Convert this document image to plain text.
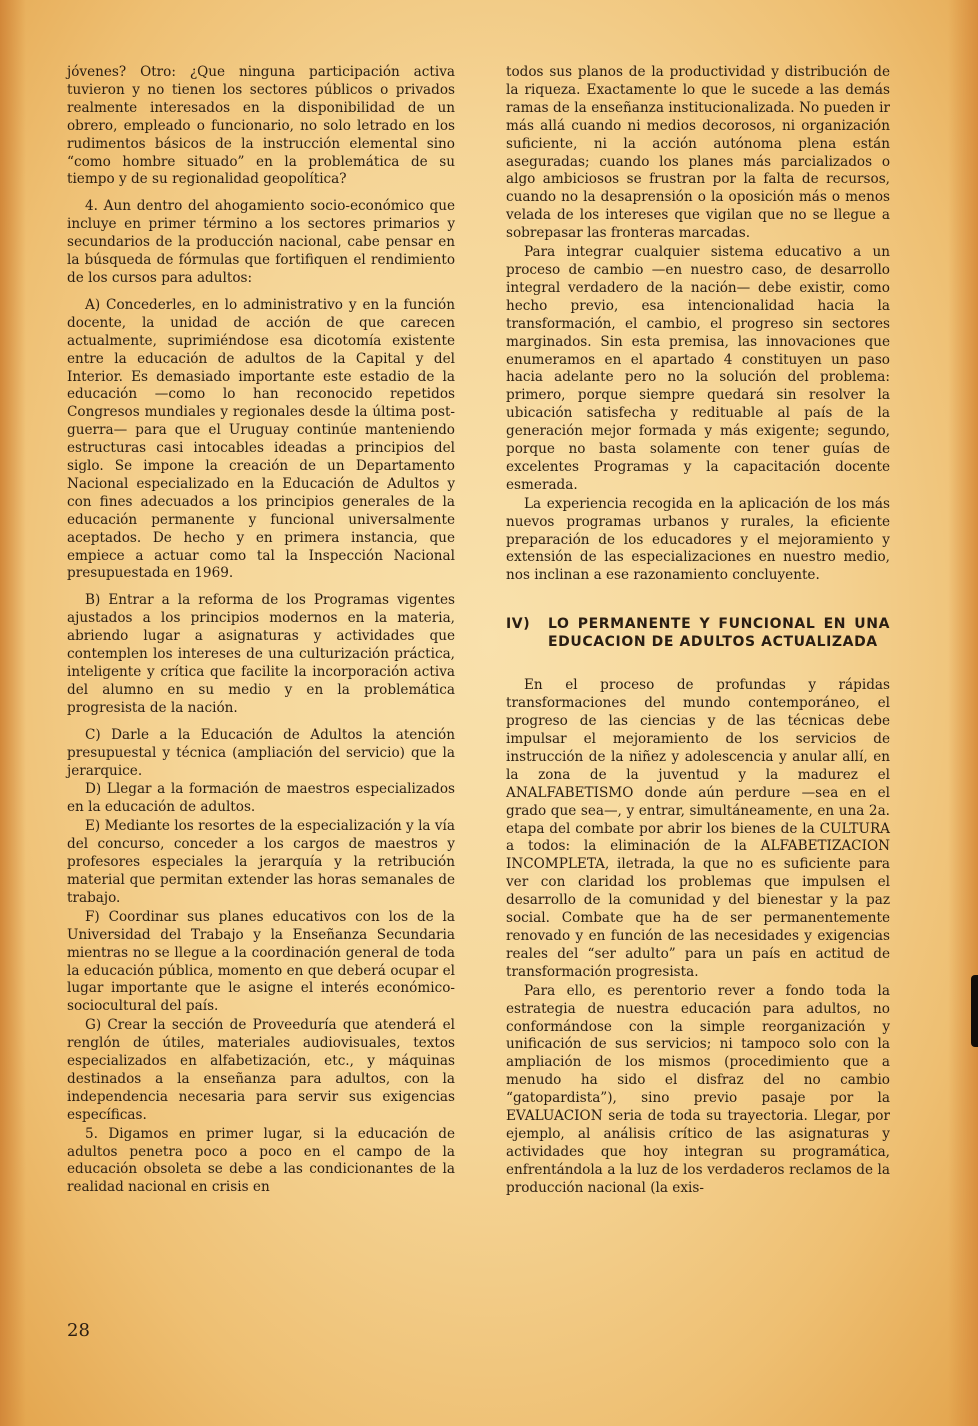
jóvenes? Otro: ¿Que ninguna participación activa tuvieron y no tienen los sectores públicos o privados realmente interesados en la disponibilidad de un obrero, empleado o funcionario, no solo letrado en los rudimentos básicos de la instrucción elemental sino “como hombre situado” en la problemática de su tiempo y de su regionalidad geopolítica?

4. Aun dentro del ahogamiento socio-económico que incluye en primer término a los sectores primarios y secundarios de la producción nacional, cabe pensar en la búsqueda de fórmulas que fortifiquen el rendimiento de los cursos para adultos:

A) Concederles, en lo administrativo y en la función docente, la unidad de acción de que carecen actualmente, suprimiéndose esa dicotomía existente entre la educación de adultos de la Capital y del Interior. Es demasiado importante este estadio de la educación —como lo han reconocido repetidos Congresos mundiales y regionales desde la última post-guerra— para que el Uruguay continúe manteniendo estructuras casi intocables ideadas a principios del siglo. Se impone la creación de un Departamento Nacional especializado en la Educación de Adultos y con fines adecuados a los principios generales de la educación permanente y funcional universalmente aceptados. De hecho y en primera instancia, que empiece a actuar como tal la Inspección Nacional presupuestada en 1969.

B) Entrar a la reforma de los Programas vigentes ajustados a los principios modernos en la materia, abriendo lugar a asignaturas y actividades que contemplen los intereses de una culturización práctica, inteligente y crítica que facilite la incorporación activa del alumno en su medio y en la problemática progresista de la nación.

C) Darle a la Educación de Adultos la atención presupuestal y técnica (ampliación del servicio) que la jerarquice.

D) Llegar a la formación de maestros especializados en la educación de adultos.

E) Mediante los resortes de la especialización y la vía del concurso, conceder a los cargos de maestros y profesores especiales la jerarquía y la retribución material que permitan extender las horas semanales de trabajo.

F) Coordinar sus planes educativos con los de la Universidad del Trabajo y la Enseñanza Secundaria mientras no se llegue a la coordinación general de toda la educación pública, momento en que deberá ocupar el lugar importante que le asigne el interés económico-sociocultural del país.

G) Crear la sección de Proveeduría que atenderá el renglón de útiles, materiales audiovisuales, textos especializados en alfabetización, etc., y máquinas destinados a la enseñanza para adultos, con la independencia necesaria para servir sus exigencias específicas.

5. Digamos en primer lugar, si la educación de adultos penetra poco a poco en el campo de la educación obsoleta se debe a las condicionantes de la realidad nacional en crisis en

todos sus planos de la productividad y distribución de la riqueza. Exactamente lo que le sucede a las demás ramas de la enseñanza institucionalizada. No pueden ir más allá cuando ni medios decorosos, ni organización suficiente, ni la acción autónoma plena están aseguradas; cuando los planes más parcializados o algo ambiciosos se frustran por la falta de recursos, cuando no la desaprensión o la oposición más o menos velada de los intereses que vigilan que no se llegue a sobrepasar las fronteras marcadas.

Para integrar cualquier sistema educativo a un proceso de cambio —en nuestro caso, de desarrollo integral verdadero de la nación— debe existir, como hecho previo, esa intencionalidad hacia la transformación, el cambio, el progreso sin sectores marginados. Sin esta premisa, las innovaciones que enumeramos en el apartado 4 constituyen un paso hacia adelante pero no la solución del problema: primero, porque siempre quedará sin resolver la ubicación satisfecha y redituable al país de la generación mejor formada y más exigente; segundo, porque no basta solamente con tener guías de excelentes Programas y la capacitación docente esmerada.

La experiencia recogida en la aplicación de los más nuevos programas urbanos y rurales, la eficiente preparación de los educadores y el mejoramiento y extensión de las especializaciones en nuestro medio, nos inclinan a ese razonamiento concluyente.

IV)	LO PERMANENTE Y FUNCIONAL EN UNA EDUCACION DE ADULTOS ACTUALIZADA

En el proceso de profundas y rápidas transformaciones del mundo contemporáneo, el progreso de las ciencias y de las técnicas debe impulsar el mejoramiento de los servicios de instrucción de la niñez y adolescencia y anular allí, en la zona de la juventud y la madurez el ANALFABETISMO donde aún perdure —sea en el grado que sea—, y entrar, simultáneamente, en una 2a. etapa del combate por abrir los bienes de la CULTURA a todos: la eliminación de la ALFABETIZACION INCOMPLETA, iletrada, la que no es suficiente para ver con claridad los problemas que impulsen el desarrollo de la comunidad y del bienestar y la paz social. Combate que ha de ser permanentemente renovado y en función de las necesidades y exigencias reales del “ser adulto” para un país en actitud de transformación progresista.

Para ello, es perentorio rever a fondo toda la estrategia de nuestra educación para adultos, no conformándose con la simple reorganización y unificación de sus servicios; ni tampoco solo con la ampliación de los mismos (procedimiento que a menudo ha sido el disfraz del no cambio “gatopardista”), sino previo pasaje por la EVALUACION seria de toda su trayectoria. Llegar, por ejemplo, al análisis crítico de las asignaturas y actividades que hoy integran su programática, enfrentándola a la luz de los verdaderos reclamos de la producción nacional (la exis-

28
